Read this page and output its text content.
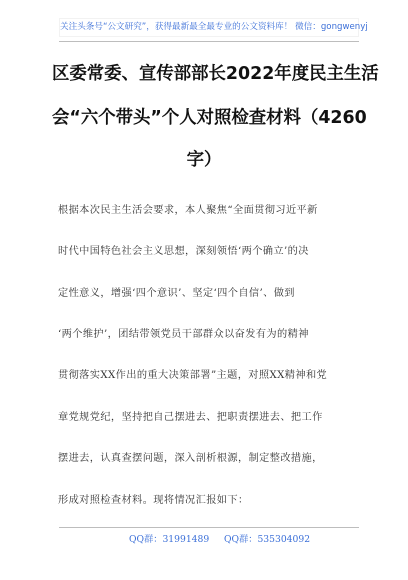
关注头条号“公文研究”，获得最新最全最专业的公文资料库！ 微信：gongwenyj
区委常委、宣传部部长2022年度民主生活
会“六个带头”个人对照检查材料（4260
字）
根据本次民主生活会要求，本人聚焦“全面贯彻习近平新
时代中国特色社会主义思想，深刻领悟‘两个确立’的决
定性意义，增强‘四个意识’、坚定‘四个自信’、做到
‘两个维护’，团结带领党员干部群众以奋发有为的精神
贯彻落实XX作出的重大决策部署”主题，对照XX精神和党
章党规党纪，坚持把自己摆进去、把职责摆进去、把工作
摆进去，认真查摆问题，深入剖析根源，制定整改措施，
形成对照检查材料。现将情况汇报如下：
QQ群：31991489 QQ群：535304092
